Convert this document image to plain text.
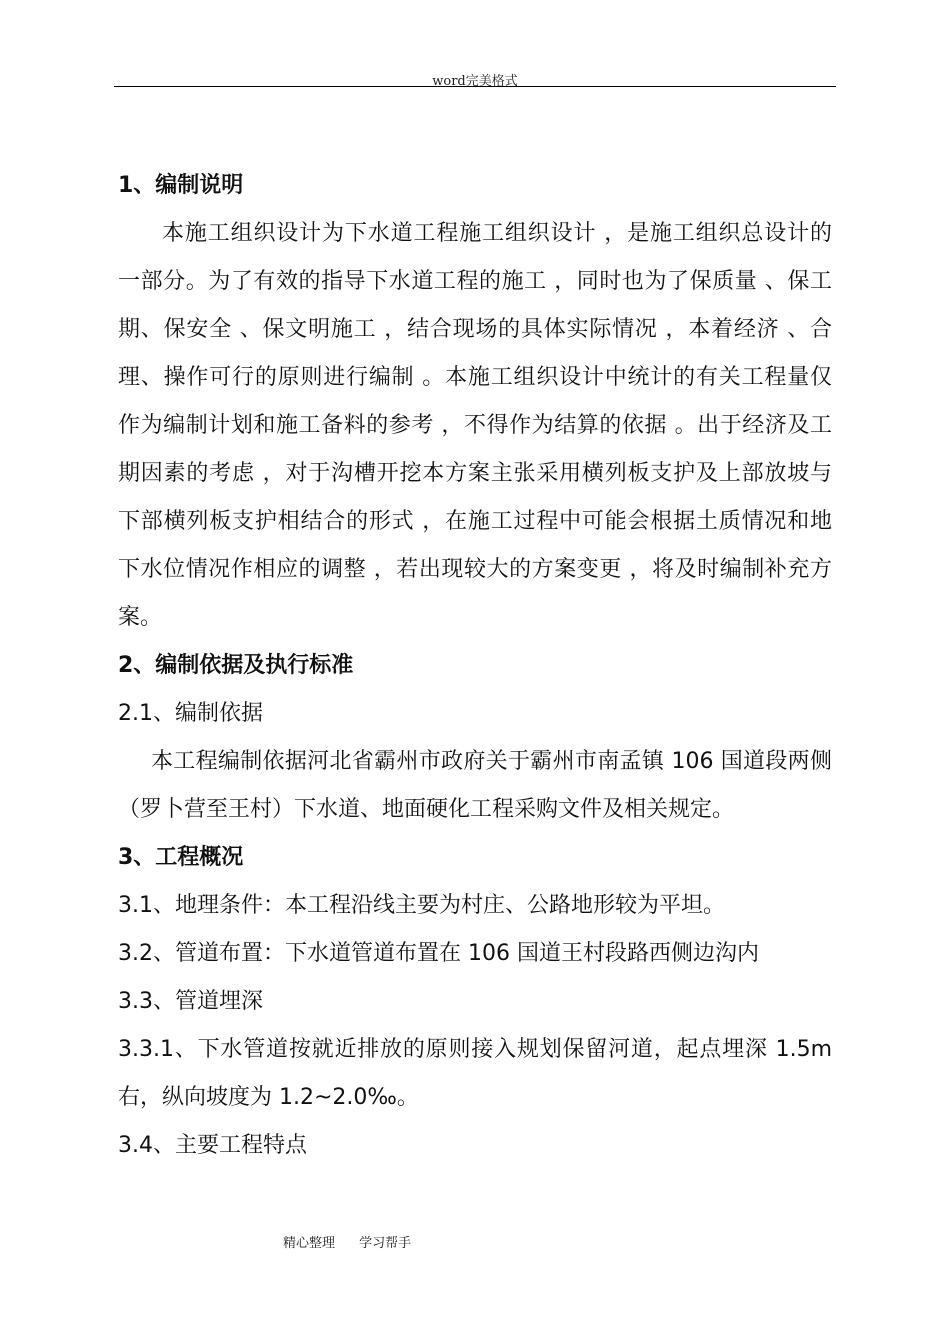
word完美格式
1、编制说明
本施工组织设计为下水道工程施工组织设计 ，是施工组织总设计的
一部分。为了有效的指导下水道工程的施工 ，同时也为了保质量 、保工
期、保安全 、保文明施工 ，结合现场的具体实际情况 ，本着经济 、合
理、操作可行的原则进行编制 。本施工组织设计中统计的有关工程量仅
作为编制计划和施工备料的参考 ，不得作为结算的依据 。出于经济及工
期因素的考虑 ，对于沟槽开挖本方案主张采用横列板支护及上部放坡与
下部横列板支护相结合的形式 ，在施工过程中可能会根据土质情况和地
下水位情况作相应的调整 ，若出现较大的方案变更 ，将及时编制补充方
案。
2、编制依据及执行标准
2.1、编制依据
本工程编制依据河北省霸州市政府关于霸州市南孟镇 106 国道段两侧
（罗卜营至王村）下水道、地面硬化工程采购文件及相关规定。
3、工程概况
3.1、地理条件：本工程沿线主要为村庄、公路地形较为平坦。
3.2、管道布置：下水道管道布置在 106 国道王村段路西侧边沟内
3.3、管道埋深
3.3.1、下水管道按就近排放的原则接入规划保留河道，起点埋深 1.5m
右，纵向坡度为 1.2~2.0‰。
3.4、主要工程特点
精心整理 学习帮手
